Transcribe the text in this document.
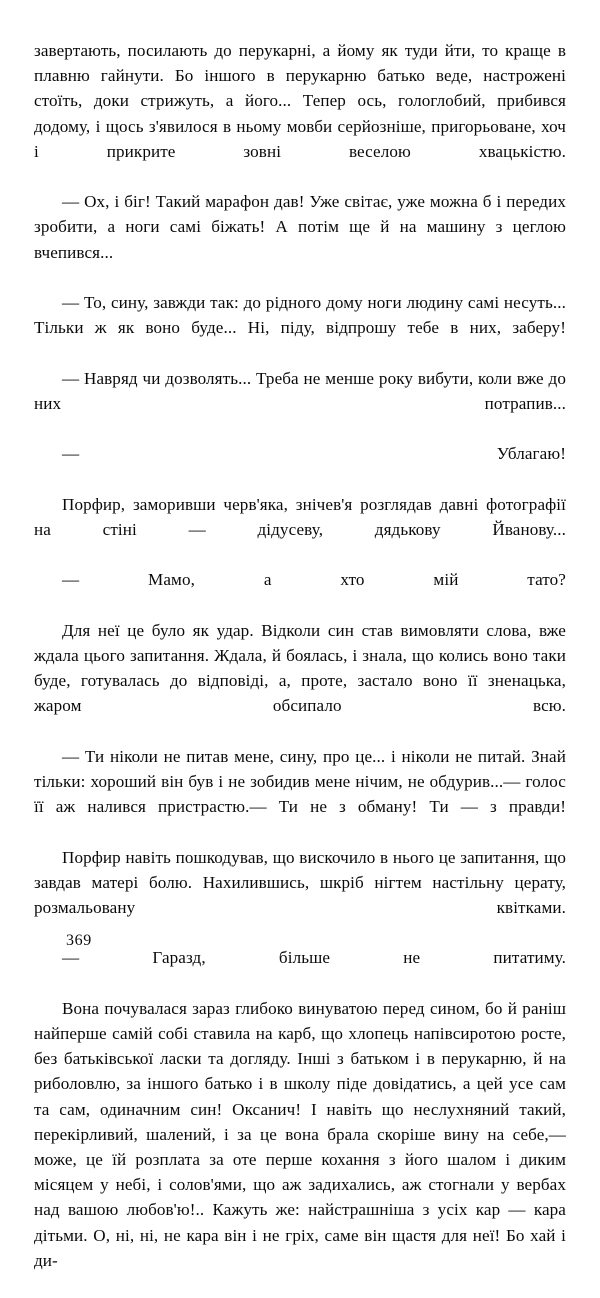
завертають, посилають до перукарні, а йому як туди йти, то краще в плавню гайнути. Бо іншого в перукарню батько веде, настрожені стоїть, доки стрижуть, а його... Тепер ось, гологлобий, прибився додому, і щось з'явилося в ньому мовби серйозніше, пригорьоване, хоч і прикрите зовні веселою хвацькістю.

— Ох, і біг! Такий марафон дав! Уже світає, уже можна б і передих зробити, а ноги самі біжать! А потім ще й на машину з цеглою вчепився...

— То, сину, завжди так: до рідного дому ноги людину самі несуть... Тільки ж як воно буде... Ні, піду, відпрошу тебе в них, заберу!

— Навряд чи дозволять... Треба не менше року вибути, коли вже до них потрапив...

— Ублагаю!

Порфир, заморивши черв'яка, знічев'я розглядав давні фотографії на стіні — дідусеву, дядькову Йванову...

— Мамо, а хто мій тато?

Для неї це було як удар. Відколи син став вимовляти слова, вже ждала цього запитання. Ждала, й боялась, і знала, що колись воно таки буде, готувалась до відповіді, а, проте, застало воно її зненацька, жаром обсипало всю.

— Ти ніколи не питав мене, сину, про це... і ніколи не питай. Знай тільки: хороший він був і не зобидив мене нічим, не обдурив...— голос її аж налився пристрастю.— Ти не з обману! Ти — з правди!

Порфир навіть пошкодував, що вискочило в нього це запитання, що завдав матері болю. Нахилившись, шкріб нігтем настільну церату, розмальовану квітками.

— Гаразд, більше не питатиму.

Вона почувалася зараз глибоко винуватою перед сином, бо й раніш найперше самій собі ставила на карб, що хлопець напівсиротою росте, без батьківської ласки та догляду. Інші з батьком і в перукарню, й на риболовлю, за іншого батько і в школу піде довідатись, а цей усе сам та сам, одиначним син! Оксанич! І навіть що неслухняний такий, перекірливий, шалений, і за це вона брала скоріше вину на себе,— може, це їй розплата за оте перше кохання з його шалом і диким місяцем у небі, і солов'ями, що аж задихались, аж стогнали у вербах над вашою любов'ю!.. Кажуть же: найстрашніша з усіх кар — кара дітьми. О, ні, ні, не кара він і не гріх, саме він щастя для неї! Бо хай і ди-

369
